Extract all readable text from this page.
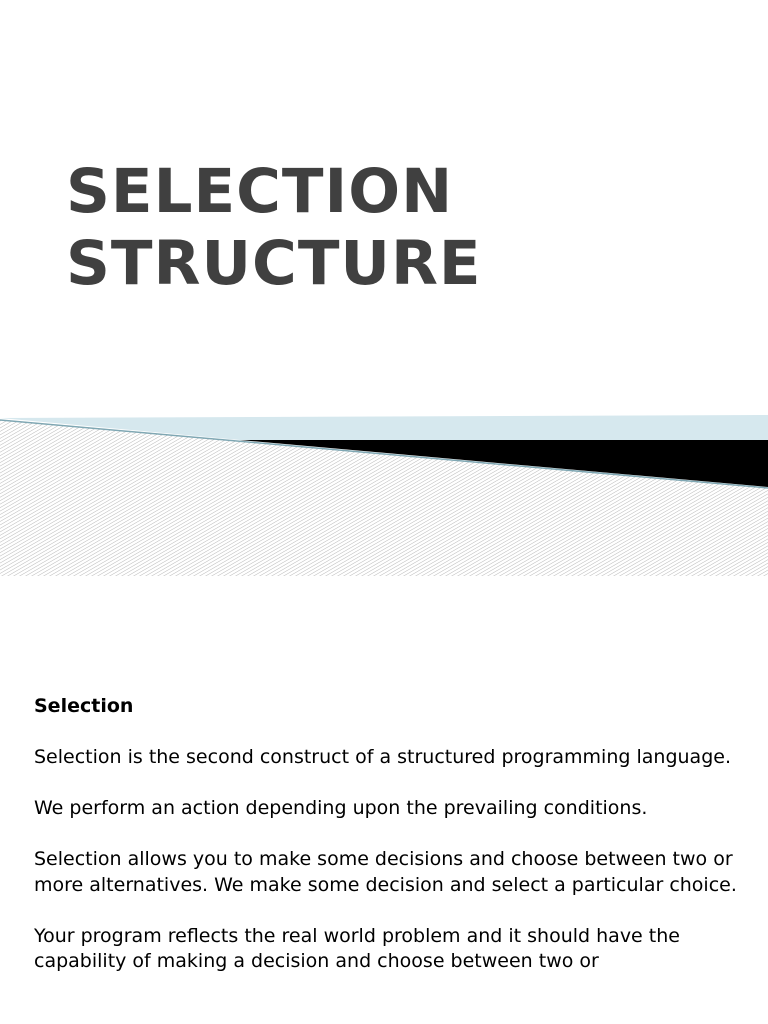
SELECTION
STRUCTURE

Selection

Selection is the second construct of a structured programming language.

We perform an action depending upon the prevailing conditions.

Selection allows you to make some decisions and choose between two or more alternatives. We make some decision and select a particular choice.

Your program reflects the real world problem and it should have the capability of making a decision and choose between two or
